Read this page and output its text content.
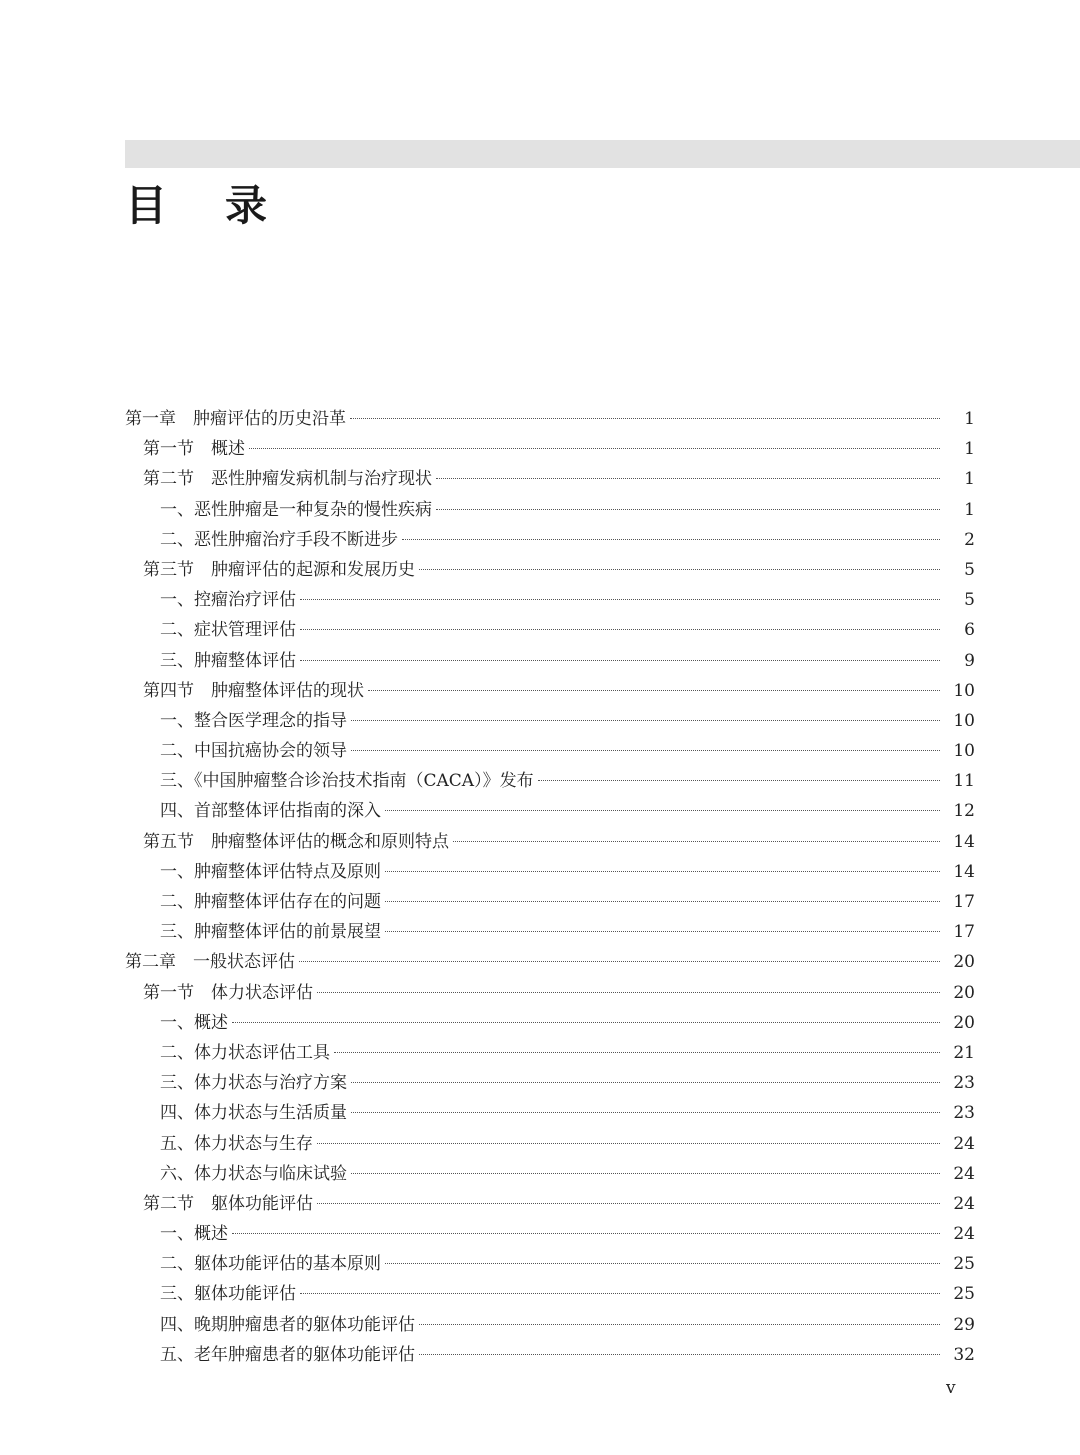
目录
第一章　肿瘤评估的历史沿革	1
第一节　概述	1
第二节　恶性肿瘤发病机制与治疗现状	1
一、恶性肿瘤是一种复杂的慢性疾病	1
二、恶性肿瘤治疗手段不断进步	2
第三节　肿瘤评估的起源和发展历史	5
一、控瘤治疗评估	5
二、症状管理评估	6
三、肿瘤整体评估	9
第四节　肿瘤整体评估的现状	10
一、整合医学理念的指导	10
二、中国抗癌协会的领导	10
三、《中国肿瘤整合诊治技术指南（CACA）》发布	11
四、首部整体评估指南的深入	12
第五节　肿瘤整体评估的概念和原则特点	14
一、肿瘤整体评估特点及原则	14
二、肿瘤整体评估存在的问题	17
三、肿瘤整体评估的前景展望	17
第二章　一般状态评估	20
第一节　体力状态评估	20
一、概述	20
二、体力状态评估工具	21
三、体力状态与治疗方案	23
四、体力状态与生活质量	23
五、体力状态与生存	24
六、体力状态与临床试验	24
第二节　躯体功能评估	24
一、概述	24
二、躯体功能评估的基本原则	25
三、躯体功能评估	25
四、晚期肿瘤患者的躯体功能评估	29
五、老年肿瘤患者的躯体功能评估	32
v
